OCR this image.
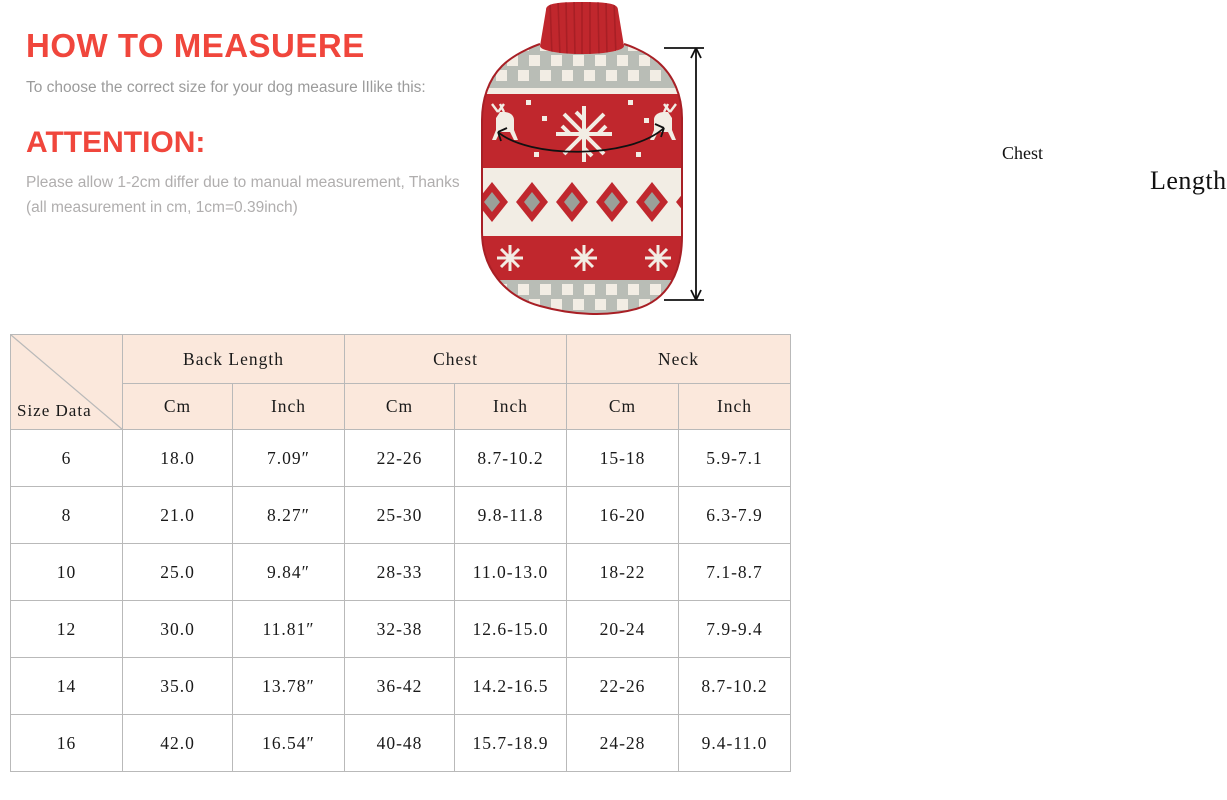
HOW TO MEASUERE

To choose the correct size for your dog measure lIlike this:

ATTENTION:

Please allow 1-2cm differ due to manual measurement, Thanks (all measurement in cm, 1cm=0.39inch)

Length
Chest
Size Data	Back Length		Chest		Neck	
	Cm	Inch	Cm	Inch	Cm	Inch
6	18.0	7.09″	22-26	8.7-10.2	15-18	5.9-7.1
8	21.0	8.27″	25-30	9.8-11.8	16-20	6.3-7.9
10	25.0	9.84″	28-33	11.0-13.0	18-22	7.1-8.7
12	30.0	11.81″	32-38	12.6-15.0	20-24	7.9-9.4
14	35.0	13.78″	36-42	14.2-16.5	22-26	8.7-10.2
16	42.0	16.54″	40-48	15.7-18.9	24-28	9.4-11.0
